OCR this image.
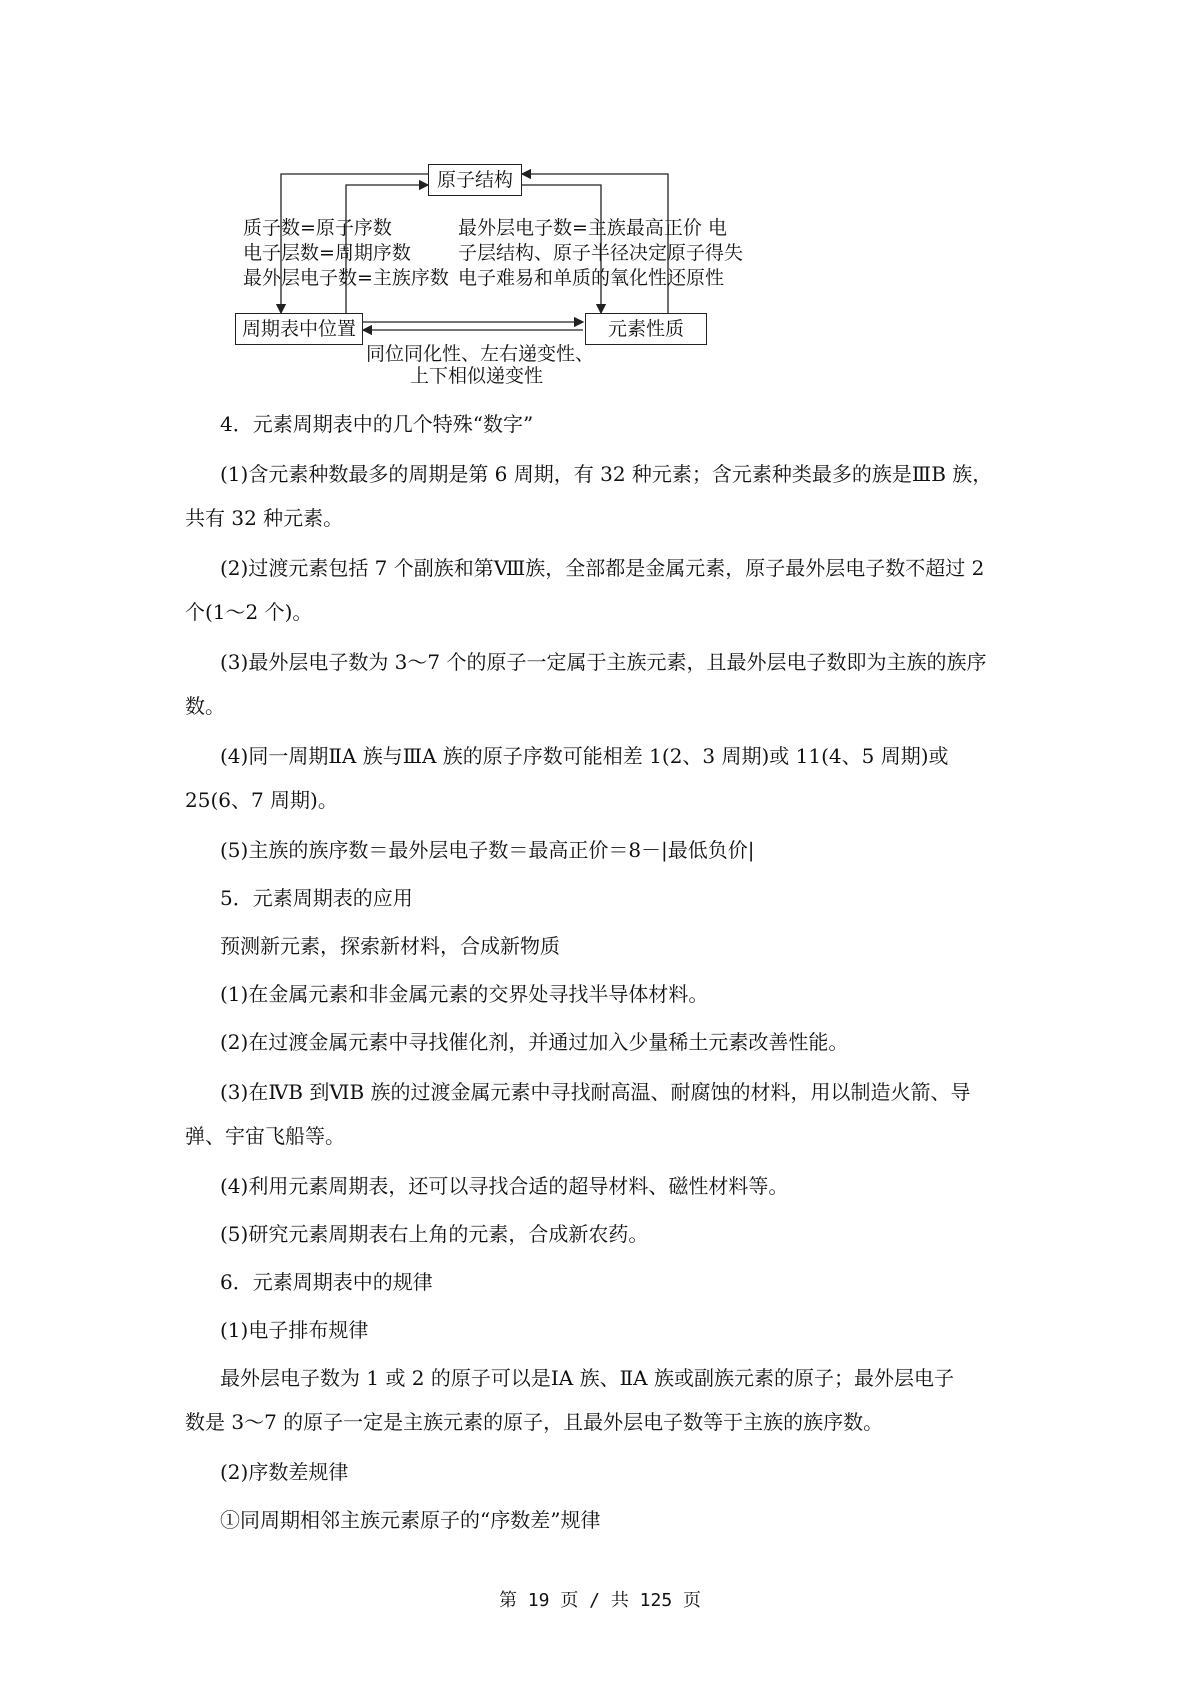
原子结构
周期表中位置	元素性质
质子数=原子序数
电子层数=周期序数
最外层电子数=主族序数
最外层电子数=主族最高正价 电
子层结构、原子半径决定原子得失
电子难易和单质的氧化性还原性
同位同化性、左右递变性、
上下相似递变性
4．元素周期表中的几个特殊“数字”
(1)含元素种数最多的周期是第 6 周期，有 32 种元素；含元素种类最多的族是ⅢB 族，
共有 32 种元素。
(2)过渡元素包括 7 个副族和第Ⅷ族，全部都是金属元素，原子最外层电子数不超过 2
个(1～2 个)。
(3)最外层电子数为 3～7 个的原子一定属于主族元素，且最外层电子数即为主族的族序
数。
(4)同一周期ⅡA 族与ⅢA 族的原子序数可能相差 1(2、3 周期)或 11(4、5 周期)或
25(6、7 周期)。
(5)主族的族序数＝最外层电子数＝最高正价＝8－|最低负价|
5．元素周期表的应用
预测新元素，探索新材料，合成新物质
(1)在金属元素和非金属元素的交界处寻找半导体材料。
(2)在过渡金属元素中寻找催化剂，并通过加入少量稀土元素改善性能。
(3)在ⅣB 到ⅥB 族的过渡金属元素中寻找耐高温、耐腐蚀的材料，用以制造火箭、导
弹、宇宙飞船等。
(4)利用元素周期表，还可以寻找合适的超导材料、磁性材料等。
(5)研究元素周期表右上角的元素，合成新农药。
6．元素周期表中的规律
(1)电子排布规律
最外层电子数为 1 或 2 的原子可以是ⅠA 族、ⅡA 族或副族元素的原子；最外层电子
数是 3～7 的原子一定是主族元素的原子，且最外层电子数等于主族的族序数。
(2)序数差规律
①同周期相邻主族元素原子的“序数差”规律
第 19 页 / 共 125 页
